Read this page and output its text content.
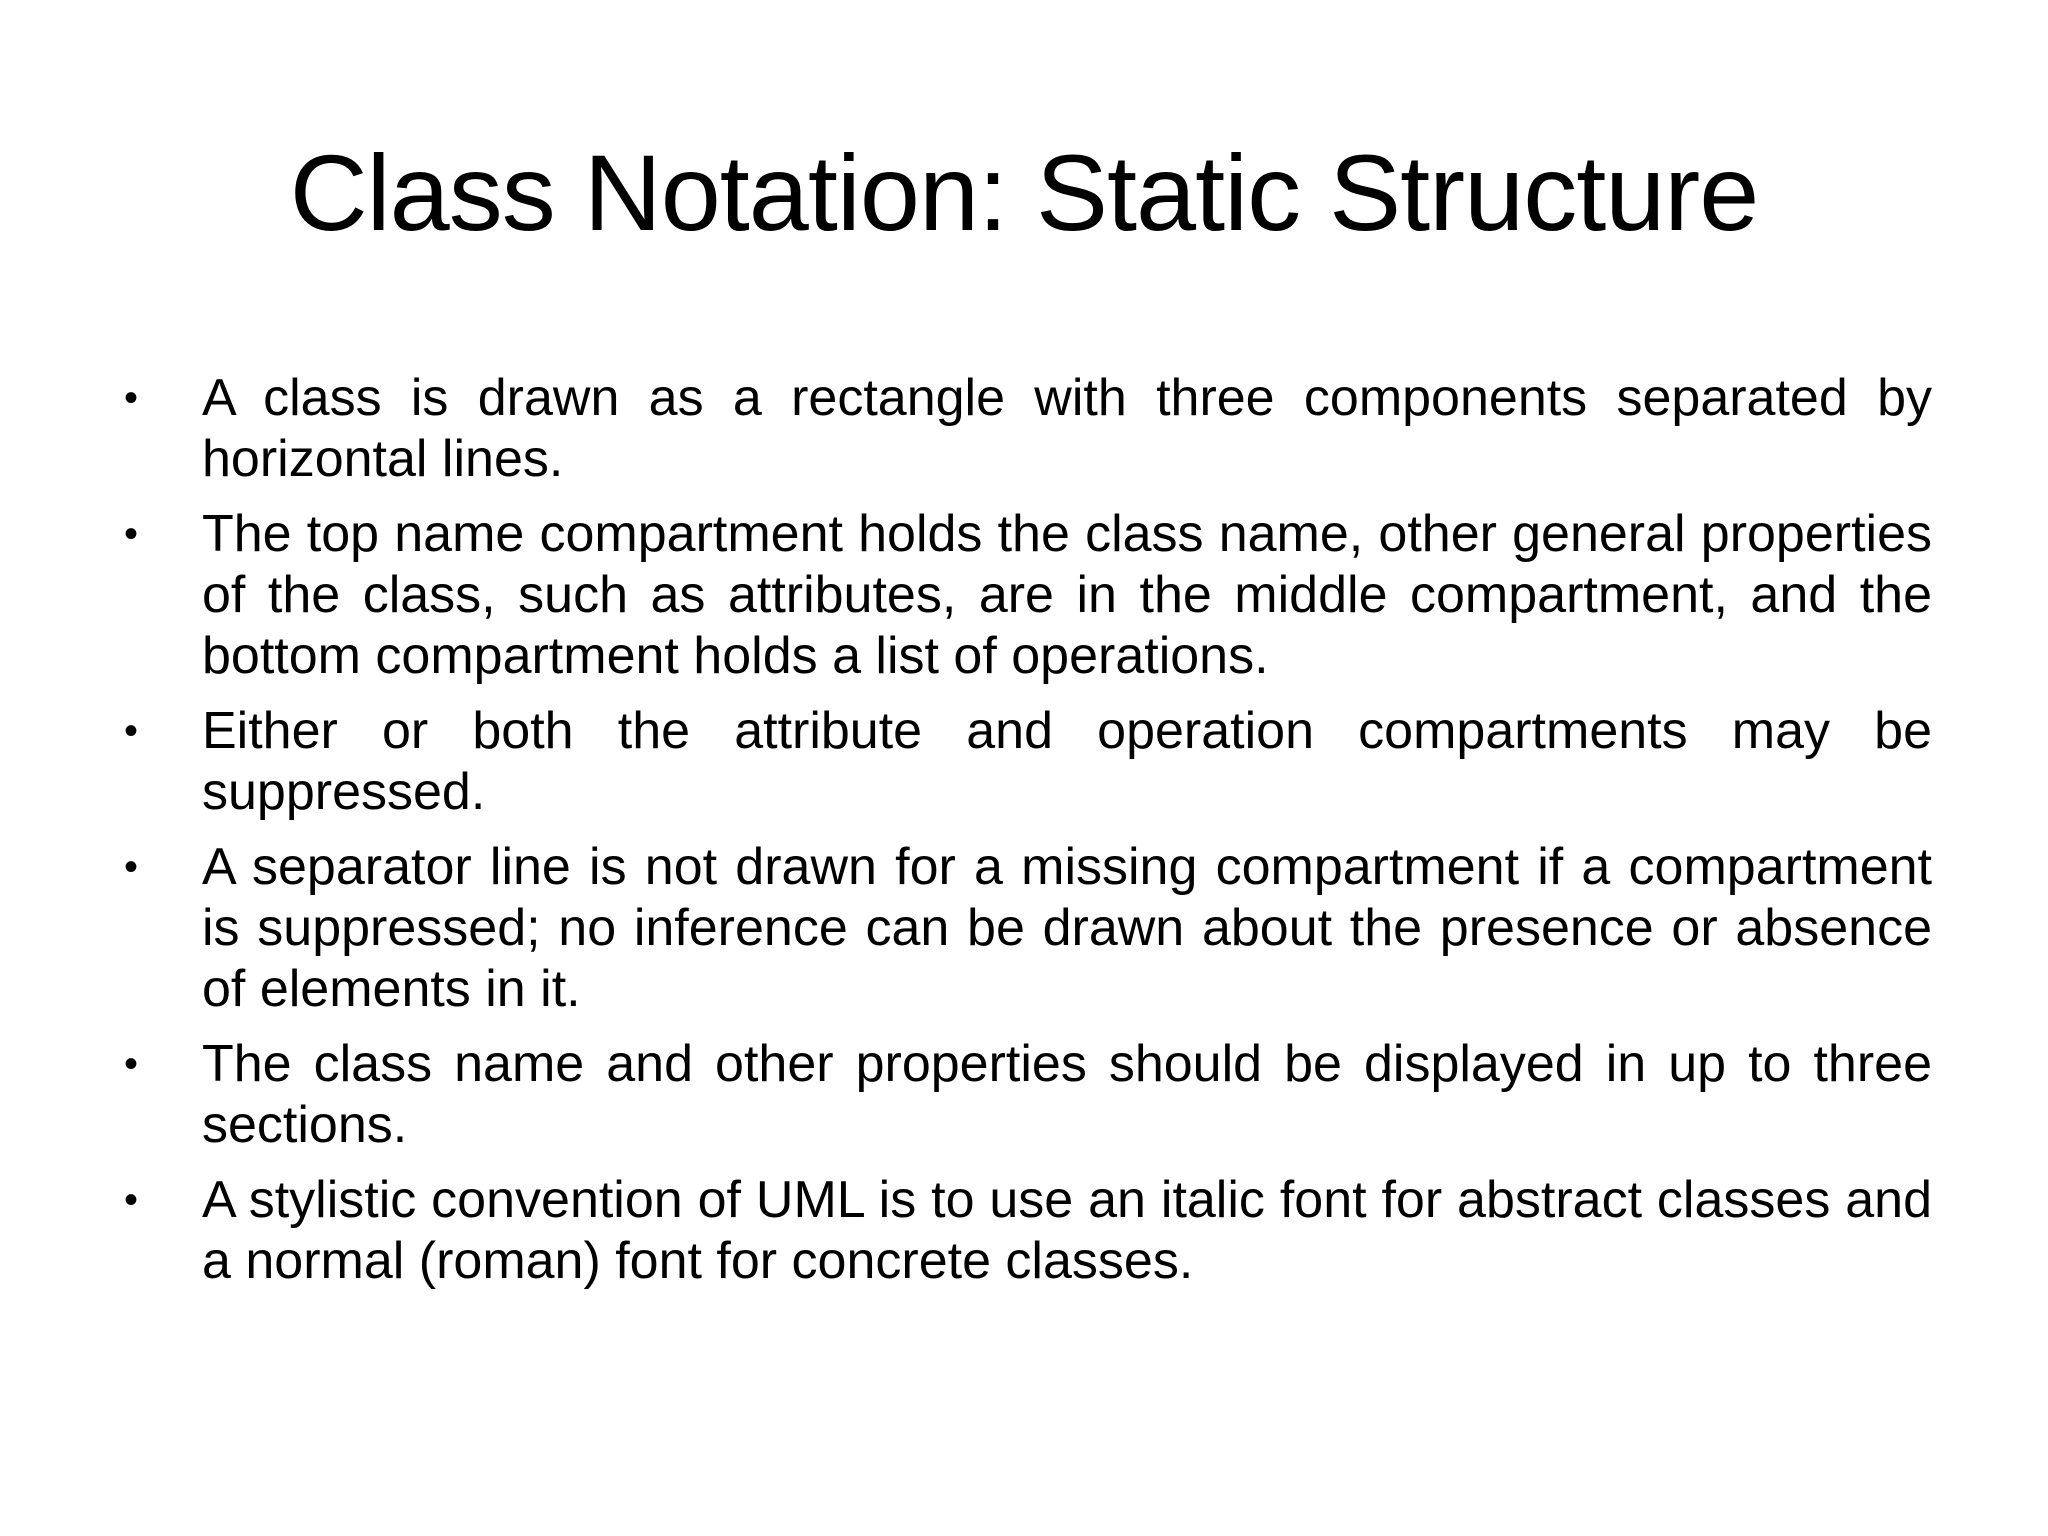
Class Notation: Static Structure
•	A class is drawn as a rectangle with three components separated by horizontal lines.
•	The top name compartment holds the class name, other general properties of the class, such as attributes, are in the middle compartment, and the bottom compartment holds a list of operations.
•	Either or both the attribute and operation compartments may be suppressed.
•	A separator line is not drawn for a missing compartment if a compartment is suppressed; no inference can be drawn about the presence or absence of elements in it.
•	The class name and other properties should be displayed in up to three sections.
•	A stylistic convention of UML is to use an italic font for abstract classes and a normal (roman) font for concrete classes.
